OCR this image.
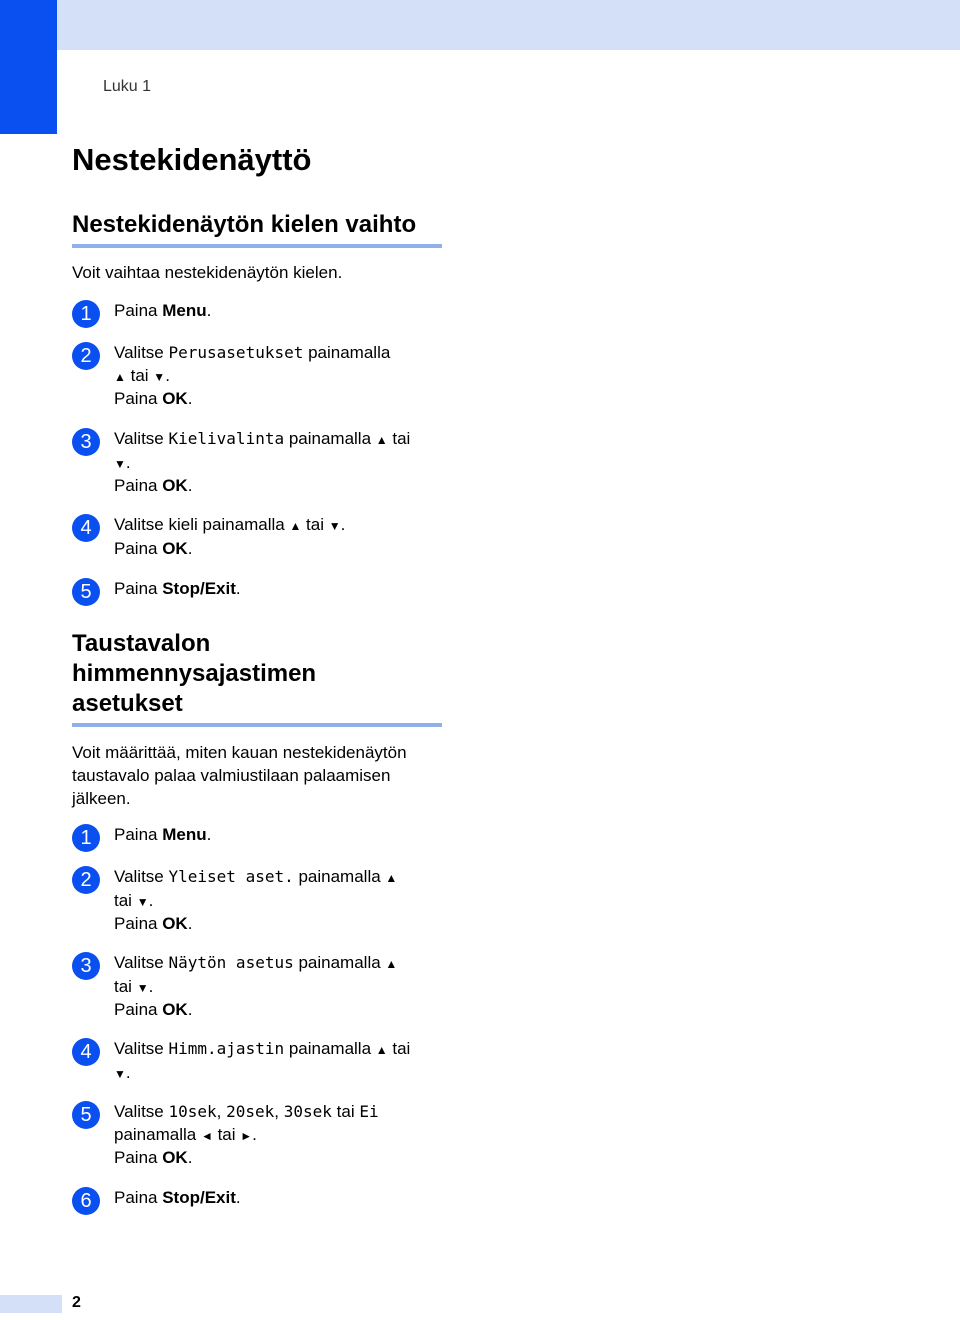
Luku 1
Nestekidenäyttö
Nestekidenäytön kielen vaihto

Voit vaihtaa nestekidenäytön kielen.

1	Paina Menu.
2	Valitse Perusasetukset painamalla
▲ tai ▼.
Paina OK.
3	Valitse Kielivalinta painamalla ▲ tai
▼.
Paina OK.
4	Valitse kieli painamalla ▲ tai ▼.
Paina OK.
5	Paina Stop/Exit.
Taustavalon
himmennysajastimen
asetukset

Voit määrittää, miten kauan nestekidenäytön
taustavalo palaa valmiustilaan palaamisen
jälkeen.

1	Paina Menu.
2	Valitse Yleiset aset. painamalla ▲
tai ▼.
Paina OK.
3	Valitse Näytön asetus painamalla ▲
tai ▼.
Paina OK.
4	Valitse Himm.ajastin painamalla ▲ tai
▼.
5	Valitse 10sek, 20sek, 30sek tai Ei
painamalla ◄ tai ►.
Paina OK.
6	Paina Stop/Exit.
2
